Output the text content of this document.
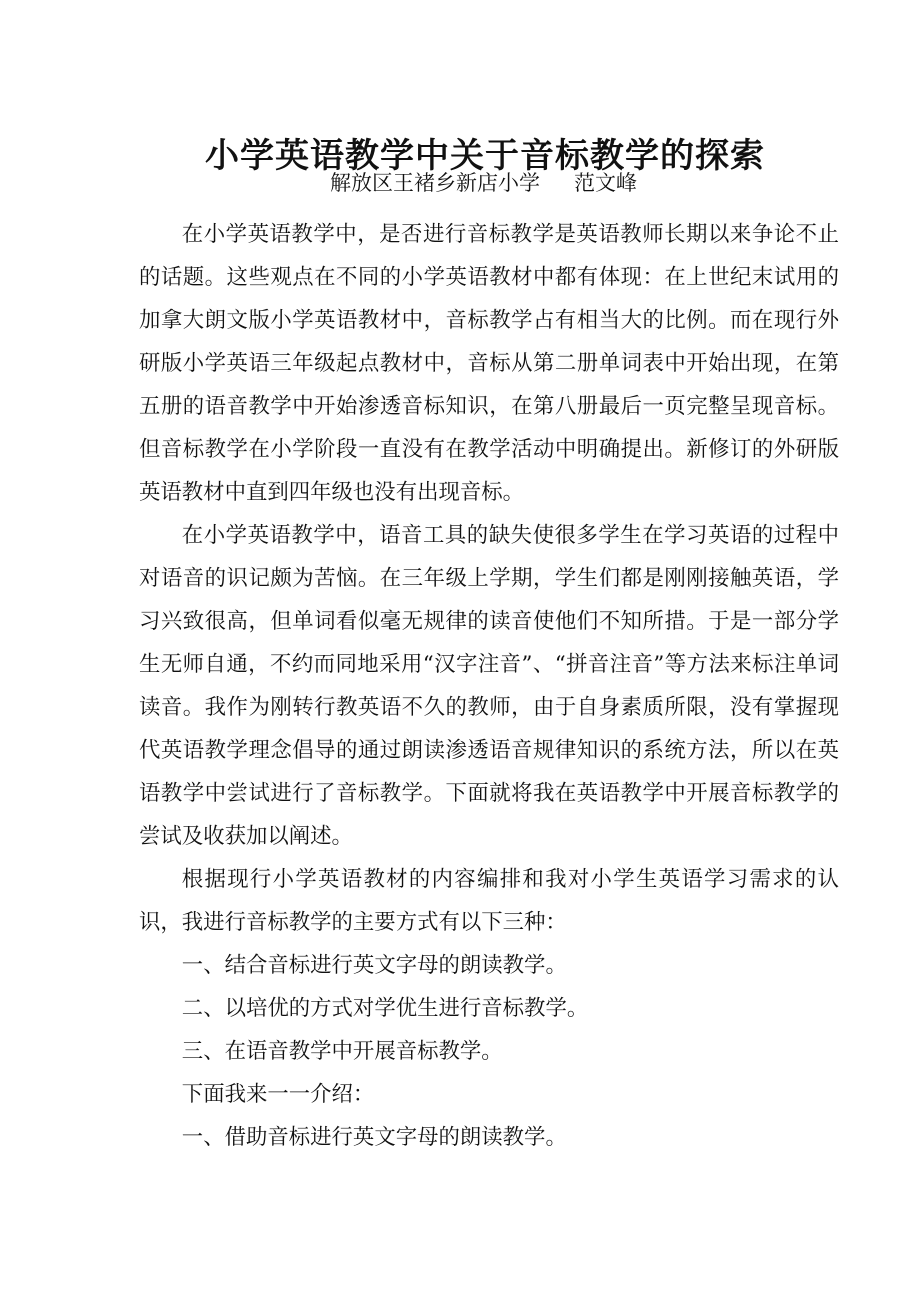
小学英语教学中关于音标教学的探索
解放区王褚乡新店小学 范文峰

在小学英语教学中，是否进行音标教学是英语教师长期以来争论不止的话题。这些观点在不同的小学英语教材中都有体现：在上世纪末试用的加拿大朗文版小学英语教材中，音标教学占有相当大的比例。而在现行外研版小学英语三年级起点教材中，音标从第二册单词表中开始出现，在第五册的语音教学中开始渗透音标知识，在第八册最后一页完整呈现音标。但音标教学在小学阶段一直没有在教学活动中明确提出。新修订的外研版英语教材中直到四年级也没有出现音标。

在小学英语教学中，语音工具的缺失使很多学生在学习英语的过程中对语音的识记颇为苦恼。在三年级上学期，学生们都是刚刚接触英语，学习兴致很高，但单词看似毫无规律的读音使他们不知所措。于是一部分学生无师自通，不约而同地采用“汉字注音”、“拼音注音”等方法来标注单词读音。我作为刚转行教英语不久的教师，由于自身素质所限，没有掌握现代英语教学理念倡导的通过朗读渗透语音规律知识的系统方法，所以在英语教学中尝试进行了音标教学。下面就将我在英语教学中开展音标教学的尝试及收获加以阐述。

根据现行小学英语教材的内容编排和我对小学生英语学习需求的认识，我进行音标教学的主要方式有以下三种：

一、结合音标进行英文字母的朗读教学。

二、以培优的方式对学优生进行音标教学。

三、在语音教学中开展音标教学。

下面我来一一介绍：

一、借助音标进行英文字母的朗读教学。
